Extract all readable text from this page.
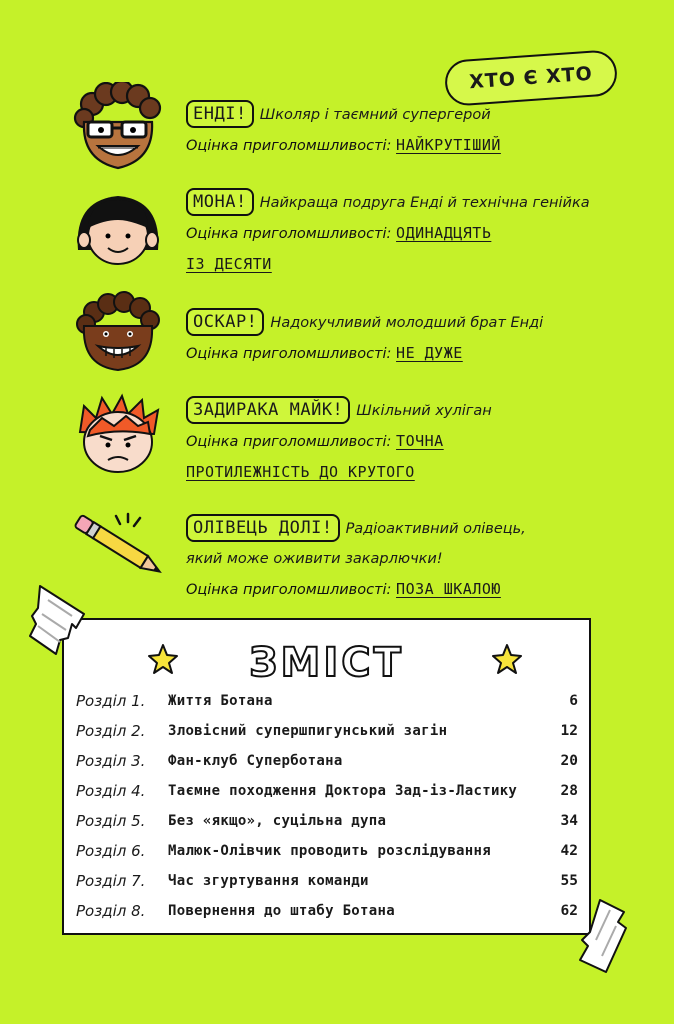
ХТО Є ХТО
ЕНДІ! Школяр і таємний супергерой
Оцінка приголомшливості: НАЙКРУТІШИЙ
МОНА! Найкраща подруга Енді й технічна генійка
Оцінка приголомшливості: ОДИНАДЦЯТЬ
ІЗ ДЕСЯТИ
ОСКАР! Надокучливий молодший брат Енді
Оцінка приголомшливості: НЕ ДУЖЕ
ЗАДИРАКА МАЙК! Шкільний хуліган
Оцінка приголомшливості: ТОЧНА
ПРОТИЛЕЖНІСТЬ ДО КРУТОГО
ОЛІВЕЦЬ ДОЛІ! Радіоактивний олівець,
який може оживити закарлючки!
Оцінка приголомшливості: ПОЗА ШКАЛОЮ
ЗМІСТ
Розділ 1.	Життя Ботана	6
Розділ 2.	Зловісний супершпигунський загін	12
Розділ 3.	Фан-клуб Суперботана	20
Розділ 4.	Таємне походження Доктора Зад-із-Ластику	28
Розділ 5.	Без «якщо», суцільна дупа	34
Розділ 6.	Малюк-Олівчик проводить розслідування	42
Розділ 7.	Час згуртування команди	55
Розділ 8.	Повернення до штабу Ботана	62
